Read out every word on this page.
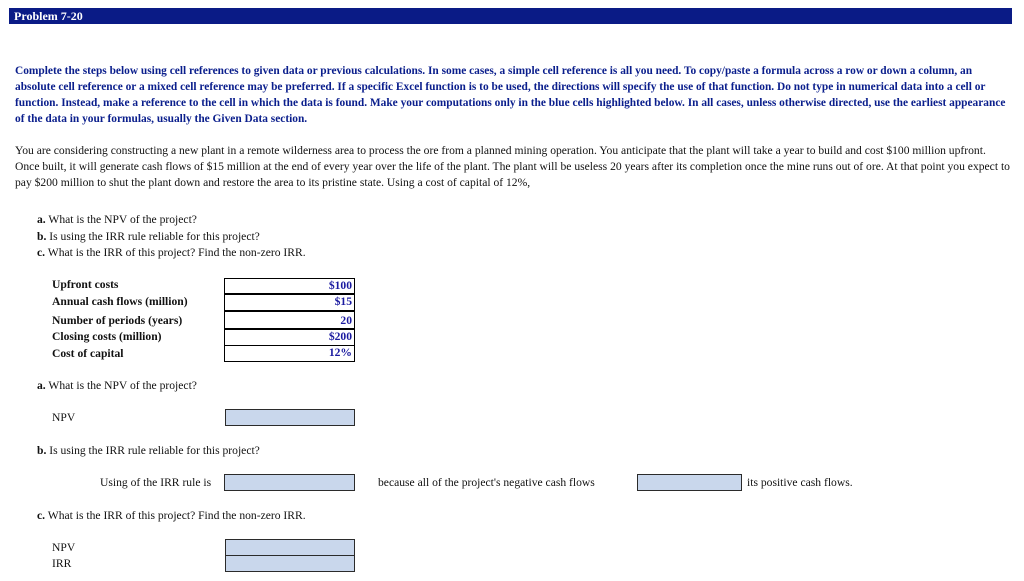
Problem 7-20
Complete the steps below using cell references to given data or previous calculations. In some cases, a simple cell reference is all you need. To copy/paste a formula across a row or down a column, an absolute cell reference or a mixed cell reference may be preferred. If a specific Excel function is to be used, the directions will specify the use of that function. Do not type in numerical data into a cell or function. Instead, make a reference to the cell in which the data is found. Make your computations only in the blue cells highlighted below. In all cases, unless otherwise directed, use the earliest appearance of the data in your formulas, usually the Given Data section.
You are considering constructing a new plant in a remote wilderness area to process the ore from a planned mining operation. You anticipate that the plant will take a year to build and cost $100 million upfront. Once built, it will generate cash flows of $15 million at the end of every year over the life of the plant. The plant will be useless 20 years after its completion once the mine runs out of ore. At that point you expect to pay $200 million to shut the plant down and restore the area to its pristine state. Using a cost of capital of 12%,
a. What is the NPV of the project?
b. Is using the IRR rule reliable for this project?
c. What is the IRR of this project? Find the non-zero IRR.
Upfront costs
Annual cash flows (million)
Number of periods (years)
Closing costs (million)
Cost of capital
$100
$15
20
$200
12%
a. What is the NPV of the project?
NPV
b. Is using the IRR rule reliable for this project?
Using of the IRR rule is	because all of the project's negative cash flows	its positive cash flows.
c. What is the IRR of this project? Find the non-zero IRR.
NPV
IRR
